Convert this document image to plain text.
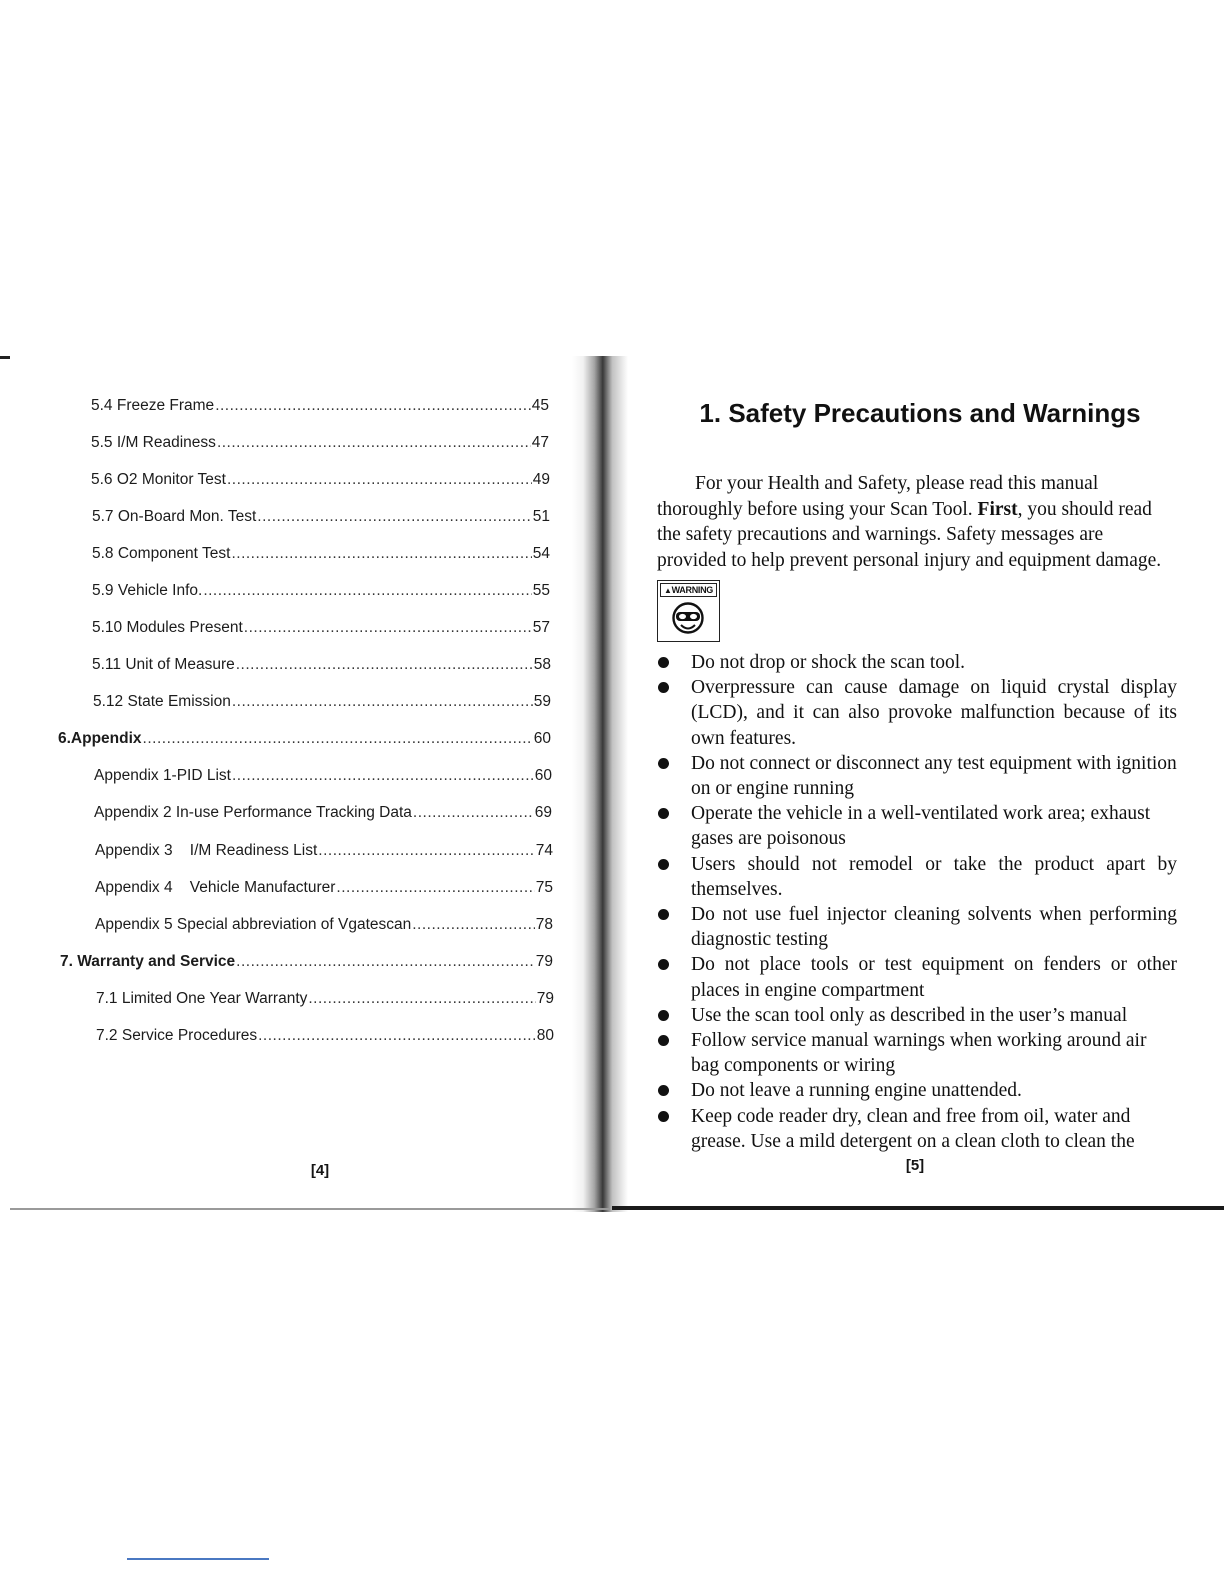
5.4 Freeze Frame .....	45
5.5 I/M Readiness .....	47
5.6 O2 Monitor Test .....	49
5.7 On-Board Mon. Test .....	51
5.8 Component Test .....	54
5.9 Vehicle Info. .....	55
5.10 Modules Present .....	57
5.11 Unit of Measure .....	58
5.12 State Emission .....	59
6.Appendix .....	60
Appendix 1-PID List .....	60
Appendix 2 In-use Performance Tracking Data .....	69
Appendix 3    I/M Readiness List .....	74
Appendix 4    Vehicle Manufacturer .....	75
Appendix 5 Special abbreviation of Vgatescan .....	78
7. Warranty and Service .....	79
7.1 Limited One Year Warranty .....	79
7.2 Service Procedures .....	80
[4]
1. Safety Precautions and Warnings
For your Health and Safety, please read this manual thoroughly before using your Scan Tool. First, you should read the safety precautions and warnings. Safety messages are provided to help prevent personal injury and equipment damage.
▲WARNING
Do not drop or shock the scan tool.
Overpressure can cause damage on liquid crystal display (LCD), and it can also provoke malfunction because of its own features.
Do not connect or disconnect any test equipment with ignition on or engine running
Operate the vehicle in a well-ventilated work area; exhaust gases are poisonous
Users should not remodel or take the product apart by themselves.
Do not use fuel injector cleaning solvents when performing diagnostic testing
Do not place tools or test equipment on fenders or other places in engine compartment
Use the scan tool only as described in the user’s manual
Follow service manual warnings when working around air bag components or wiring
Do not leave a running engine unattended.
Keep code reader dry, clean and free from oil, water and grease. Use a mild detergent on a clean cloth to clean the
[5]
